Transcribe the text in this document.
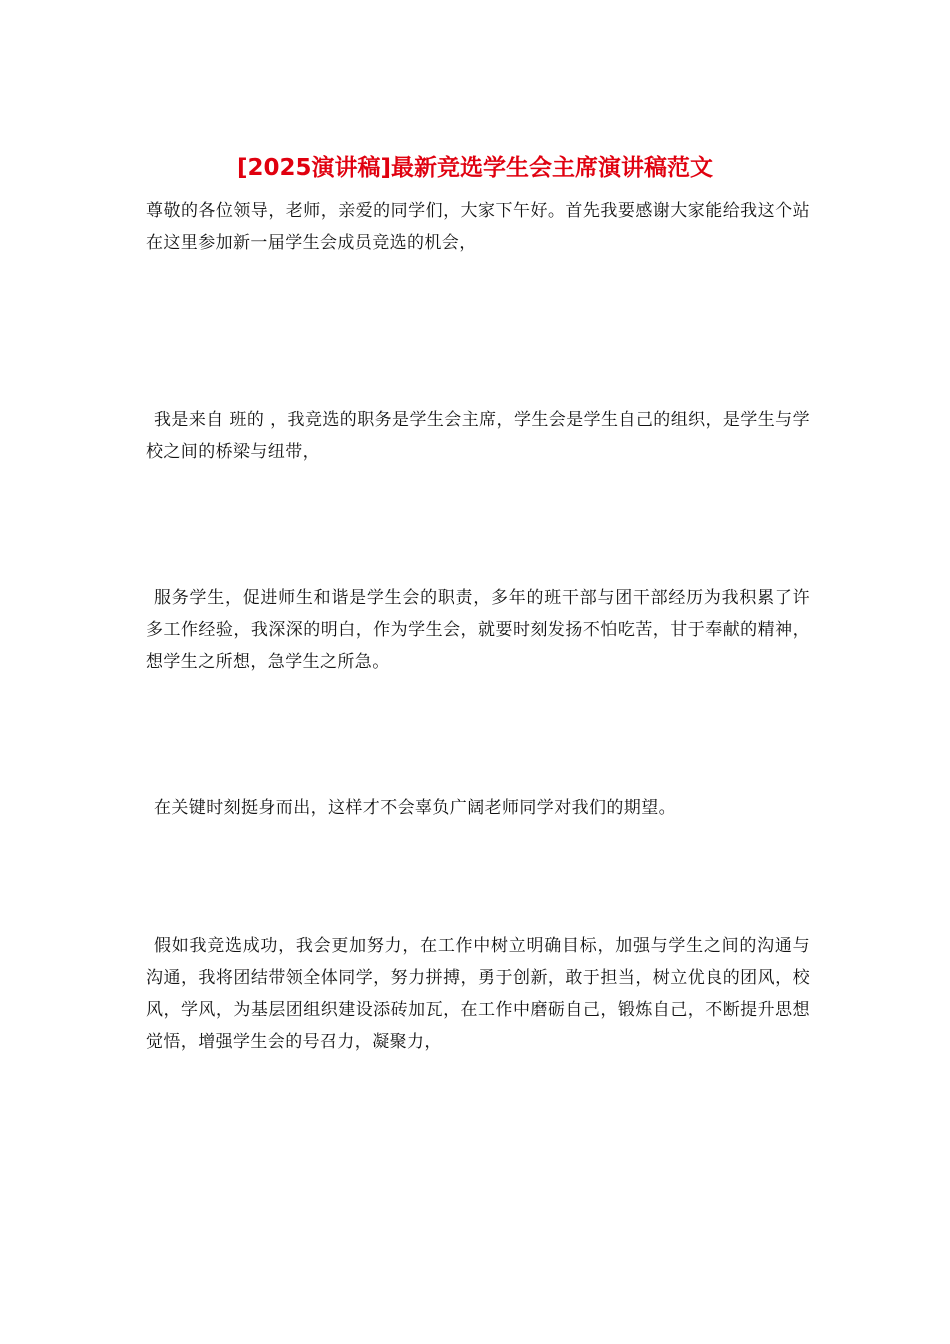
[2025演讲稿]最新竞选学生会主席演讲稿范文

尊敬的各位领导，老师，亲爱的同学们，大家下午好。首先我要感谢大家能给我这个站在这里参加新一届学生会成员竞选的机会，

我是来自 班的 ，我竞选的职务是学生会主席，学生会是学生自己的组织，是学生与学校之间的桥梁与纽带，

服务学生，促进师生和谐是学生会的职责，多年的班干部与团干部经历为我积累了许多工作经验，我深深的明白，作为学生会，就要时刻发扬不怕吃苦，甘于奉献的精神，想学生之所想，急学生之所急。

在关键时刻挺身而出，这样才不会辜负广阔老师同学对我们的期望。

假如我竞选成功，我会更加努力，在工作中树立明确目标，加强与学生之间的沟通与沟通，我将团结带领全体同学，努力拼搏，勇于创新，敢于担当，树立优良的团风，校风，学风，为基层团组织建设添砖加瓦，在工作中磨砺自己，锻炼自己，不断提升思想觉悟，增强学生会的号召力，凝聚力，
